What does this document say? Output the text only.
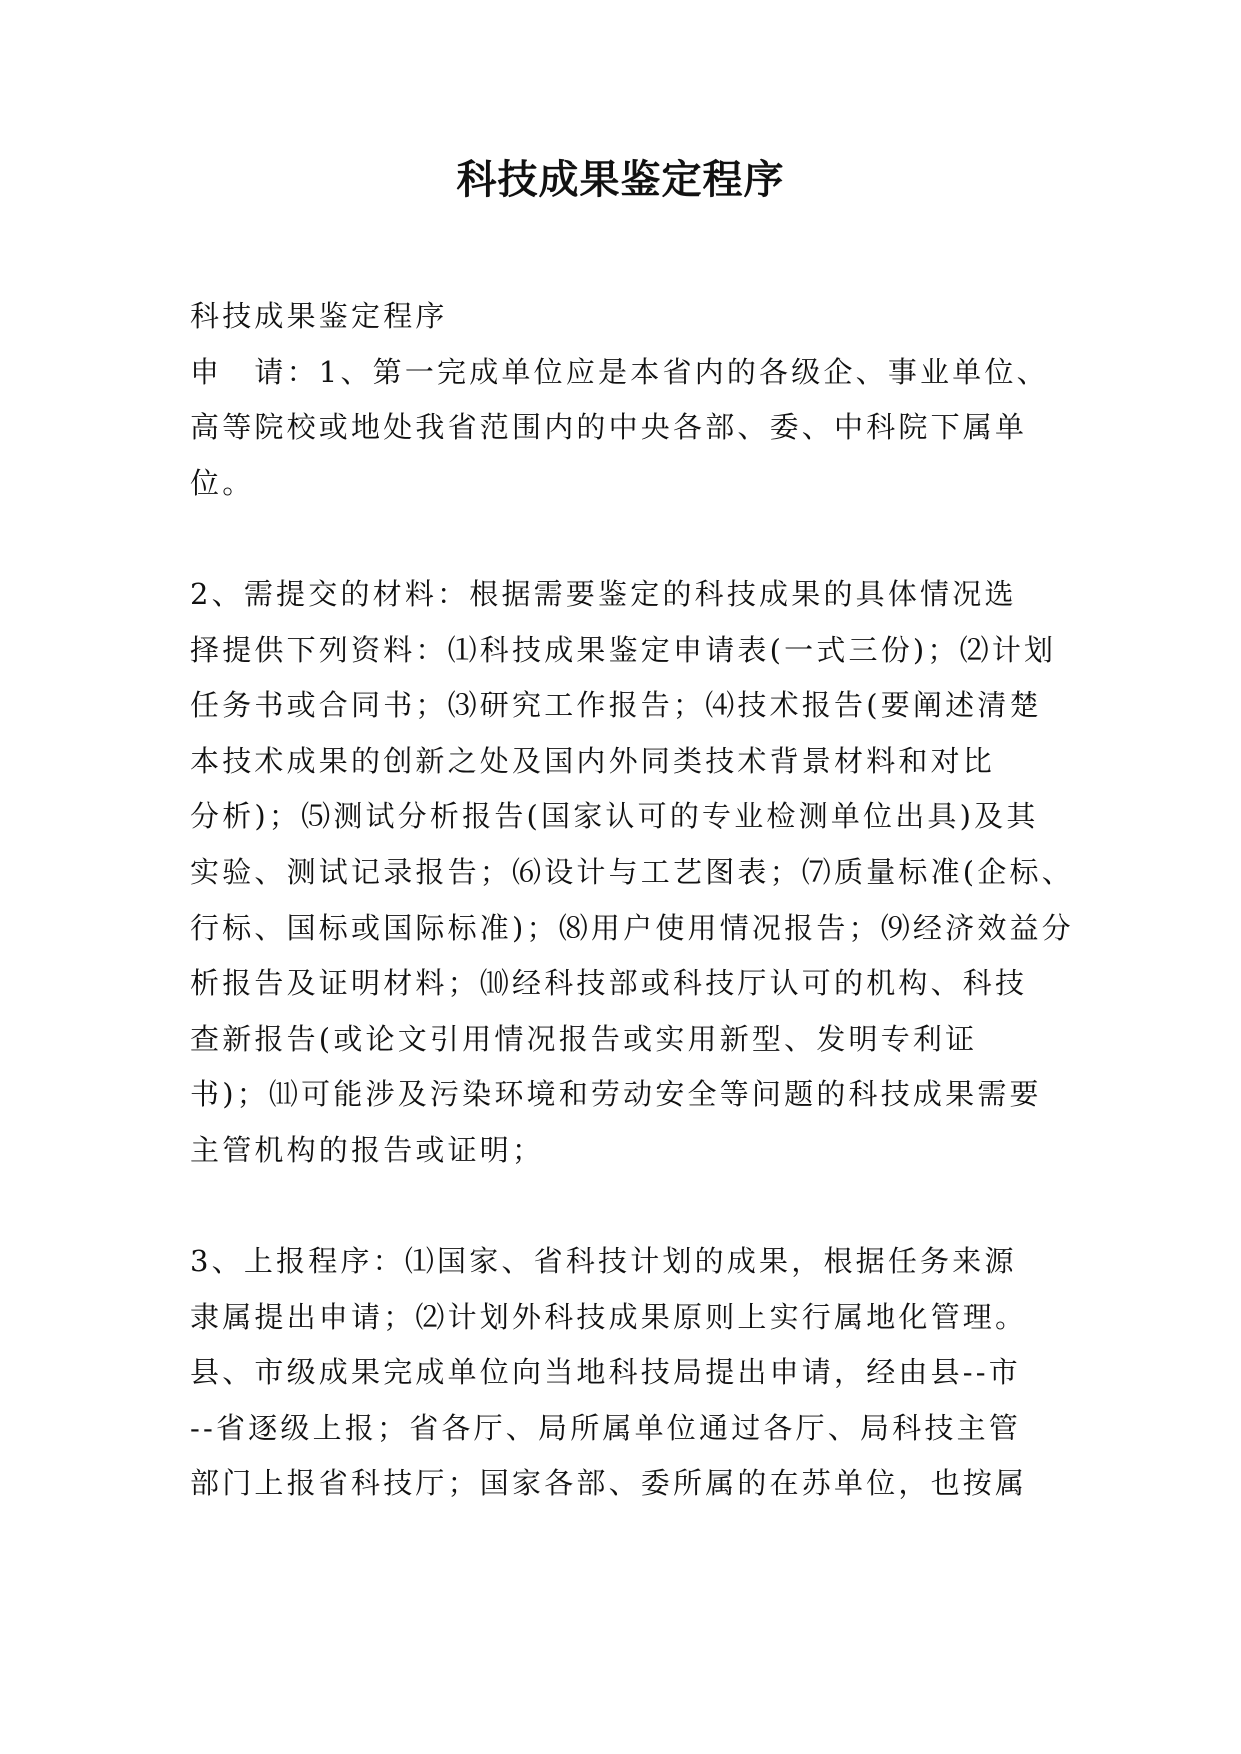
科技成果鉴定程序
科技成果鉴定程序
申　请：1、第一完成单位应是本省内的各级企、事业单位、
高等院校或地处我省范围内的中央各部、委、中科院下属单
位。
2、需提交的材料：根据需要鉴定的科技成果的具体情况选
择提供下列资料：⑴科技成果鉴定申请表(一式三份)；⑵计划
任务书或合同书；⑶研究工作报告；⑷技术报告(要阐述清楚
本技术成果的创新之处及国内外同类技术背景材料和对比
分析)；⑸测试分析报告(国家认可的专业检测单位出具)及其
实验、测试记录报告；⑹设计与工艺图表；⑺质量标准(企标、
行标、国标或国际标准)；⑻用户使用情况报告；⑼经济效益分
析报告及证明材料；⑽经科技部或科技厅认可的机构、科技
查新报告(或论文引用情况报告或实用新型、发明专利证
书)；⑾可能涉及污染环境和劳动安全等问题的科技成果需要
主管机构的报告或证明；
3、上报程序：⑴国家、省科技计划的成果，根据任务来源
隶属提出申请；⑵计划外科技成果原则上实行属地化管理。
县、市级成果完成单位向当地科技局提出申请，经由县--市
--省逐级上报；省各厅、局所属单位通过各厅、局科技主管
部门上报省科技厅；国家各部、委所属的在苏单位，也按属
